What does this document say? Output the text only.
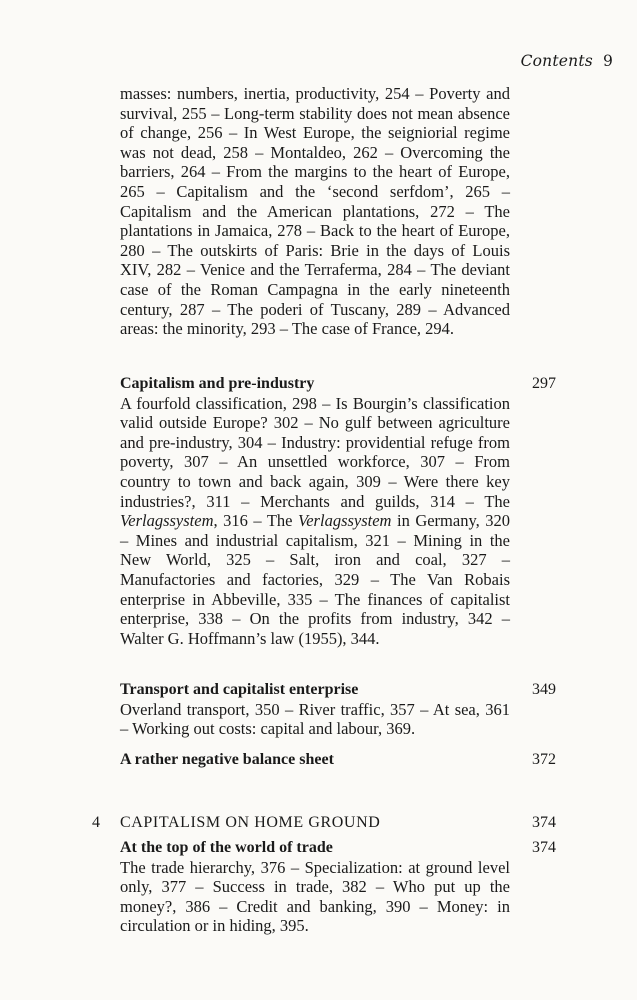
Contents 9
masses: numbers, inertia, productivity, 254 – Poverty and survival, 255 – Long-term stability does not mean absence of change, 256 – In West Europe, the seigniorial regime was not dead, 258 – Montaldeo, 262 – Overcoming the barriers, 264 – From the margins to the heart of Europe, 265 – Capitalism and the ‘second serfdom’, 265 – Capitalism and the American plantations, 272 – The plantations in Jamaica, 278 – Back to the heart of Europe, 280 – The outskirts of Paris: Brie in the days of Louis XIV, 282 – Venice and the Terraferma, 284 – The deviant case of the Roman Campagna in the early nineteenth century, 287 – The poderi of Tuscany, 289 – Advanced areas: the minority, 293 – The case of France, 294.
Capitalism and pre-industry	297
A fourfold classification, 298 – Is Bourgin’s classification valid outside Europe? 302 – No gulf between agriculture and pre-industry, 304 – Industry: providential refuge from poverty, 307 – An unsettled workforce, 307 – From country to town and back again, 309 – Were there key industries?, 311 – Merchants and guilds, 314 – The Verlagssystem, 316 – The Verlagssystem in Germany, 320 – Mines and industrial capitalism, 321 – Mining in the New World, 325 – Salt, iron and coal, 327 – Manufactories and factories, 329 – The Van Robais enterprise in Abbeville, 335 – The finances of capitalist enterprise, 338 – On the profits from industry, 342 – Walter G. Hoffmann’s law (1955), 344.
Transport and capitalist enterprise	349
Overland transport, 350 – River traffic, 357 – At sea, 361 – Working out costs: capital and labour, 369.
A rather negative balance sheet	372
4 CAPITALISM ON HOME GROUND	374
At the top of the world of trade	374
The trade hierarchy, 376 – Specialization: at ground level only, 377 – Success in trade, 382 – Who put up the money?, 386 – Credit and banking, 390 – Money: in circulation or in hiding, 395.
